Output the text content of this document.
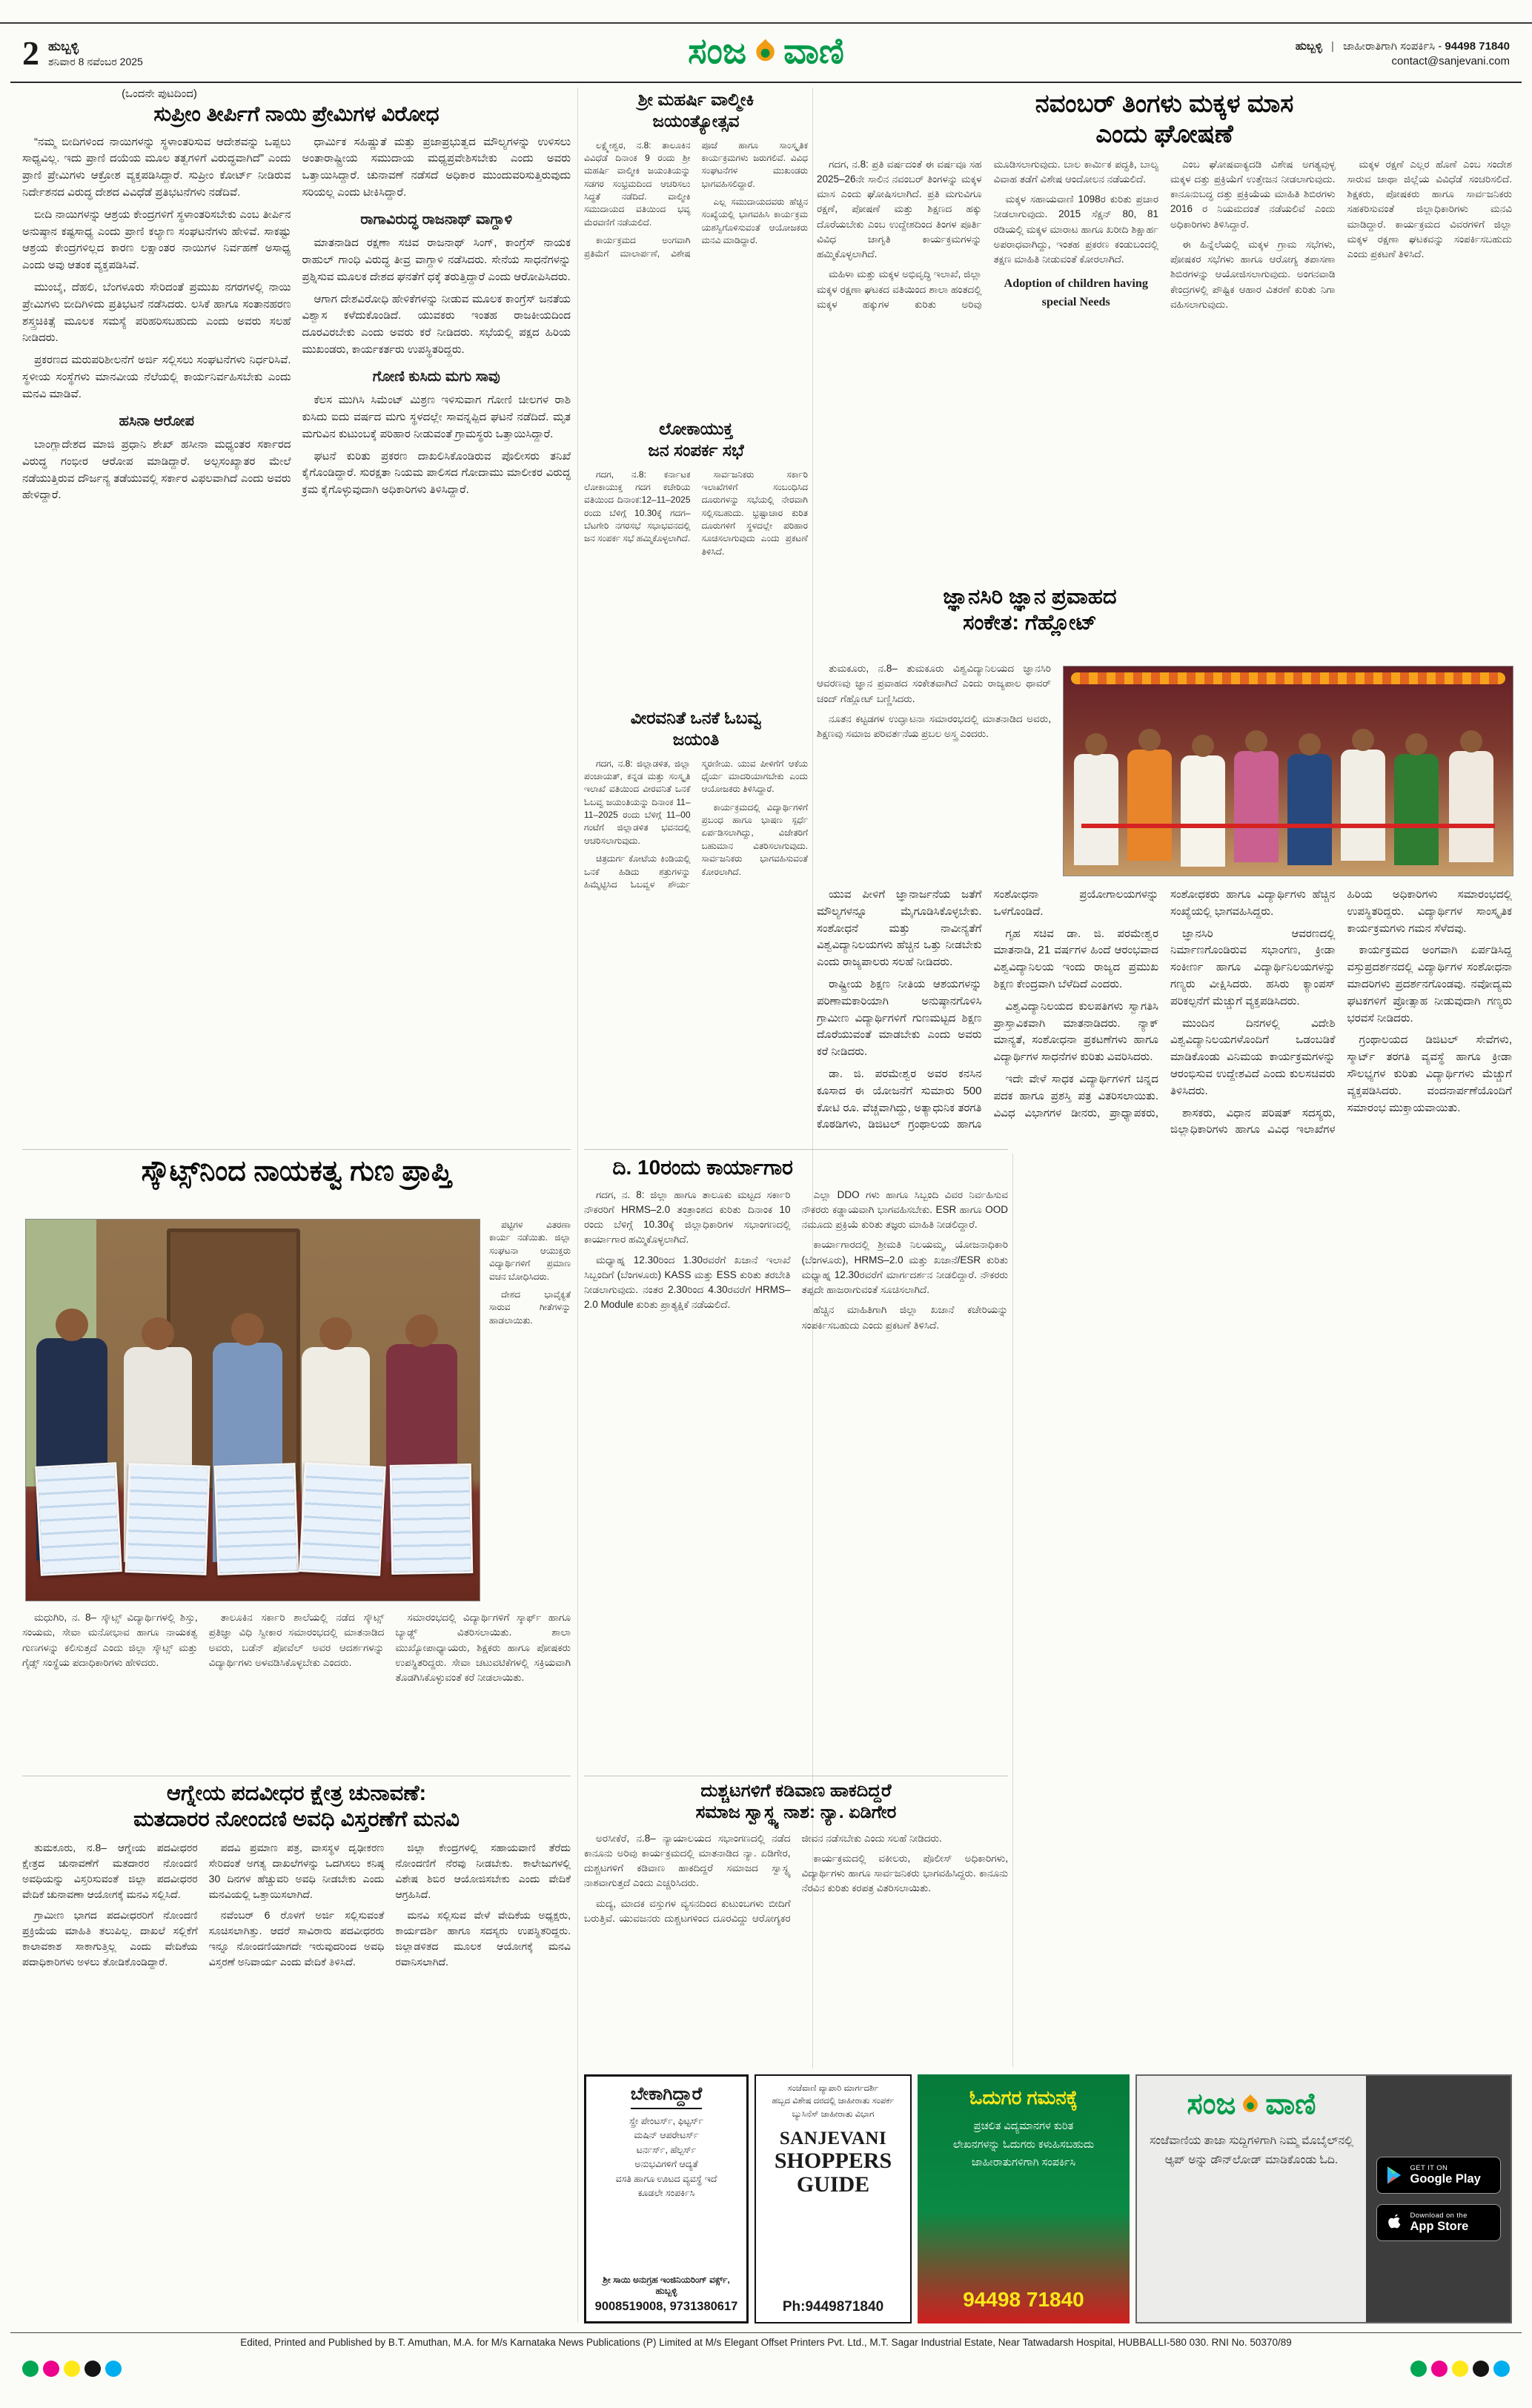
2 ಹುಬ್ಬಳ್ಳಿ
ಶನಿವಾರ 8 ನವೆಂಬರ 2025	ಸಂಜ ವಾಣಿ	ಹುಬ್ಬಳ್ಳಿ | ಜಾಹೀರಾತಿಗಾಗಿ ಸಂಪರ್ಕಿಸಿ - 94498 71840
contact@sanjevani.com
(ಒಂದನೇ ಪುಟದಿಂದ)
ಸುಪ್ರೀಂ ತೀರ್ಪಿಗೆ ನಾಯಿ ಪ್ರೇಮಿಗಳ ವಿರೋಧ

“ನಮ್ಮ ಬೀದಿಗಳಿಂದ ನಾಯಿಗಳನ್ನು ಸ್ಥಳಾಂತರಿಸುವ ಆದೇಶವನ್ನು ಒಪ್ಪಲು ಸಾಧ್ಯವಿಲ್ಲ. ಇದು ಪ್ರಾಣಿ ದಯೆಯ ಮೂಲ ತತ್ವಗಳಿಗೆ ವಿರುದ್ಧವಾಗಿದೆ” ಎಂದು ಪ್ರಾಣಿ ಪ್ರೇಮಿಗಳು ಆಕ್ರೋಶ ವ್ಯಕ್ತಪಡಿಸಿದ್ದಾರೆ. ಸುಪ್ರೀಂ ಕೋರ್ಟ್ ನೀಡಿರುವ ನಿರ್ದೇಶನದ ವಿರುದ್ಧ ದೇಶದ ವಿವಿಧೆಡೆ ಪ್ರತಿಭಟನೆಗಳು ನಡೆದಿವೆ.

ಬೀದಿ ನಾಯಿಗಳನ್ನು ಆಶ್ರಯ ಕೇಂದ್ರಗಳಿಗೆ ಸ್ಥಳಾಂತರಿಸಬೇಕು ಎಂಬ ತೀರ್ಪಿನ ಅನುಷ್ಠಾನ ಕಷ್ಟಸಾಧ್ಯ ಎಂದು ಪ್ರಾಣಿ ಕಲ್ಯಾಣ ಸಂಘಟನೆಗಳು ಹೇಳಿವೆ. ಸಾಕಷ್ಟು ಆಶ್ರಯ ಕೇಂದ್ರಗಳಿಲ್ಲದ ಕಾರಣ ಲಕ್ಷಾಂತರ ನಾಯಿಗಳ ನಿರ್ವಹಣೆ ಅಸಾಧ್ಯ ಎಂದು ಅವು ಆತಂಕ ವ್ಯಕ್ತಪಡಿಸಿವೆ.

ಮುಂಬೈ, ದೆಹಲಿ, ಬೆಂಗಳೂರು ಸೇರಿದಂತೆ ಪ್ರಮುಖ ನಗರಗಳಲ್ಲಿ ನಾಯಿ ಪ್ರೇಮಿಗಳು ಬೀದಿಗಿಳಿದು ಪ್ರತಿಭಟನೆ ನಡೆಸಿದರು. ಲಸಿಕೆ ಹಾಗೂ ಸಂತಾನಹರಣ ಶಸ್ತ್ರಚಿಕಿತ್ಸೆ ಮೂಲಕ ಸಮಸ್ಯೆ ಪರಿಹರಿಸಬಹುದು ಎಂದು ಅವರು ಸಲಹೆ ನೀಡಿದರು.

ಪ್ರಕರಣದ ಮರುಪರಿಶೀಲನೆಗೆ ಅರ್ಜಿ ಸಲ್ಲಿಸಲು ಸಂಘಟನೆಗಳು ನಿರ್ಧರಿಸಿವೆ. ಸ್ಥಳೀಯ ಸಂಸ್ಥೆಗಳು ಮಾನವೀಯ ನೆಲೆಯಲ್ಲಿ ಕಾರ್ಯನಿರ್ವಹಿಸಬೇಕು ಎಂದು ಮನವಿ ಮಾಡಿವೆ.

ಹಸಿನಾ ಆರೋಪ

ಬಾಂಗ್ಲಾದೇಶದ ಮಾಜಿ ಪ್ರಧಾನಿ ಶೇಖ್ ಹಸೀನಾ ಮಧ್ಯಂತರ ಸರ್ಕಾರದ ವಿರುದ್ಧ ಗಂಭೀರ ಆರೋಪ ಮಾಡಿದ್ದಾರೆ. ಅಲ್ಪಸಂಖ್ಯಾತರ ಮೇಲೆ ನಡೆಯುತ್ತಿರುವ ದೌರ್ಜನ್ಯ ತಡೆಯುವಲ್ಲಿ ಸರ್ಕಾರ ವಿಫಲವಾಗಿದೆ ಎಂದು ಅವರು ಹೇಳಿದ್ದಾರೆ.

ಧಾರ್ಮಿಕ ಸಹಿಷ್ಣುತೆ ಮತ್ತು ಪ್ರಜಾಪ್ರಭುತ್ವದ ಮೌಲ್ಯಗಳನ್ನು ಉಳಿಸಲು ಅಂತಾರಾಷ್ಟ್ರೀಯ ಸಮುದಾಯ ಮಧ್ಯಪ್ರವೇಶಿಸಬೇಕು ಎಂದು ಅವರು ಒತ್ತಾಯಿಸಿದ್ದಾರೆ. ಚುನಾವಣೆ ನಡೆಸದೆ ಅಧಿಕಾರ ಮುಂದುವರಿಸುತ್ತಿರುವುದು ಸರಿಯಲ್ಲ ಎಂದು ಟೀಕಿಸಿದ್ದಾರೆ.

ರಾಗಾವಿರುದ್ಧ ರಾಜನಾಥ್ ವಾಗ್ದಾಳಿ

ಮಾತನಾಡಿದ ರಕ್ಷಣಾ ಸಚಿವ ರಾಜನಾಥ್ ಸಿಂಗ್, ಕಾಂಗ್ರೆಸ್ ನಾಯಕ ರಾಹುಲ್ ಗಾಂಧಿ ವಿರುದ್ಧ ತೀವ್ರ ವಾಗ್ದಾಳಿ ನಡೆಸಿದರು. ಸೇನೆಯ ಸಾಧನೆಗಳನ್ನು ಪ್ರಶ್ನಿಸುವ ಮೂಲಕ ದೇಶದ ಘನತೆಗೆ ಧಕ್ಕೆ ತರುತ್ತಿದ್ದಾರೆ ಎಂದು ಆರೋಪಿಸಿದರು.

ಆಗಾಗ ದೇಶವಿರೋಧಿ ಹೇಳಿಕೆಗಳನ್ನು ನೀಡುವ ಮೂಲಕ ಕಾಂಗ್ರೆಸ್ ಜನತೆಯ ವಿಶ್ವಾಸ ಕಳೆದುಕೊಂಡಿದೆ. ಯುವಕರು ಇಂತಹ ರಾಜಕೀಯದಿಂದ ದೂರವಿರಬೇಕು ಎಂದು ಅವರು ಕರೆ ನೀಡಿದರು. ಸಭೆಯಲ್ಲಿ ಪಕ್ಷದ ಹಿರಿಯ ಮುಖಂಡರು, ಕಾರ್ಯಕರ್ತರು ಉಪಸ್ಥಿತರಿದ್ದರು.

ಗೋಣಿ ಕುಸಿದು ಮಗು ಸಾವು

ಕೆಲಸ ಮುಗಿಸಿ ಸಿಮೆಂಟ್ ಮಿಶ್ರಣ ಇಳಿಸುವಾಗ ಗೋಣಿ ಚೀಲಗಳ ರಾಶಿ ಕುಸಿದು ಐದು ವರ್ಷದ ಮಗು ಸ್ಥಳದಲ್ಲೇ ಸಾವನ್ನಪ್ಪಿದ ಘಟನೆ ನಡೆದಿದೆ. ಮೃತ ಮಗುವಿನ ಕುಟುಂಬಕ್ಕೆ ಪರಿಹಾರ ನೀಡುವಂತೆ ಗ್ರಾಮಸ್ಥರು ಒತ್ತಾಯಿಸಿದ್ದಾರೆ.

ಘಟನೆ ಕುರಿತು ಪ್ರಕರಣ ದಾಖಲಿಸಿಕೊಂಡಿರುವ ಪೊಲೀಸರು ತನಿಖೆ ಕೈಗೊಂಡಿದ್ದಾರೆ. ಸುರಕ್ಷತಾ ನಿಯಮ ಪಾಲಿಸದ ಗೋದಾಮು ಮಾಲೀಕರ ವಿರುದ್ಧ ಕ್ರಮ ಕೈಗೊಳ್ಳುವುದಾಗಿ ಅಧಿಕಾರಿಗಳು ತಿಳಿಸಿದ್ದಾರೆ.

ಶ್ರೀ ಮಹರ್ಷಿ ವಾಲ್ಮೀಕಿ
ಜಯಂತ್ಯೋತ್ಸವ

ಲಕ್ಷ್ಮೇಶ್ವರ, ನ.8: ತಾಲೂಕಿನ ವಿವಿಧೆಡೆ ದಿನಾಂಕ 9 ರಂದು ಶ್ರೀ ಮಹರ್ಷಿ ವಾಲ್ಮೀಕಿ ಜಯಂತಿಯನ್ನು ಸಡಗರ ಸಂಭ್ರಮದಿಂದ ಆಚರಿಸಲು ಸಿದ್ಧತೆ ನಡೆದಿದೆ. ವಾಲ್ಮೀಕಿ ಸಮುದಾಯದ ವತಿಯಿಂದ ಭವ್ಯ ಮೆರವಣಿಗೆ ನಡೆಯಲಿದೆ.

ಕಾರ್ಯಕ್ರಮದ ಅಂಗವಾಗಿ ಪ್ರತಿಮೆಗೆ ಮಾಲಾರ್ಪಣೆ, ವಿಶೇಷ ಪೂಜೆ ಹಾಗೂ ಸಾಂಸ್ಕೃತಿಕ ಕಾರ್ಯಕ್ರಮಗಳು ಜರುಗಲಿವೆ. ವಿವಿಧ ಸಂಘಟನೆಗಳ ಮುಖಂಡರು ಭಾಗವಹಿಸಲಿದ್ದಾರೆ.

ಎಲ್ಲ ಸಮುದಾಯದವರು ಹೆಚ್ಚಿನ ಸಂಖ್ಯೆಯಲ್ಲಿ ಭಾಗವಹಿಸಿ ಕಾರ್ಯಕ್ರಮ ಯಶಸ್ವಿಗೊಳಿಸುವಂತೆ ಆಯೋಜಕರು ಮನವಿ ಮಾಡಿದ್ದಾರೆ.

ಲೋಕಾಯುಕ್ತ
ಜನ ಸಂಪರ್ಕ ಸಭೆ

ಗದಗ, ನ.8: ಕರ್ನಾಟಕ ಲೋಕಾಯುಕ್ತ ಗದಗ ಕಚೇರಿಯ ವತಿಯಿಂದ ದಿನಾಂಕ:12–11–2025 ರಂದು ಬೆಳಿಗ್ಗೆ 10.30ಕ್ಕೆ ಗದಗ–ಬೆಟಗೇರಿ ನಗರಸಭೆ ಸಭಾಭವನದಲ್ಲಿ ಜನ ಸಂಪರ್ಕ ಸಭೆ ಹಮ್ಮಿಕೊಳ್ಳಲಾಗಿದೆ.

ಸಾರ್ವಜನಿಕರು ಸರ್ಕಾರಿ ಇಲಾಖೆಗಳಿಗೆ ಸಂಬಂಧಿಸಿದ ದೂರುಗಳನ್ನು ಸಭೆಯಲ್ಲಿ ನೇರವಾಗಿ ಸಲ್ಲಿಸಬಹುದು. ಭ್ರಷ್ಟಾಚಾರ ಕುರಿತ ದೂರುಗಳಿಗೆ ಸ್ಥಳದಲ್ಲೇ ಪರಿಹಾರ ಸೂಚಿಸಲಾಗುವುದು ಎಂದು ಪ್ರಕಟಣೆ ತಿಳಿಸಿದೆ.

ವೀರವನಿತೆ ಒನಕೆ ಓಬವ್ವ
ಜಯಂತಿ

ಗದಗ, ನ.8: ಜಿಲ್ಲಾಡಳಿತ, ಜಿಲ್ಲಾ ಪಂಚಾಯತ್, ಕನ್ನಡ ಮತ್ತು ಸಂಸ್ಕೃತಿ ಇಲಾಖೆ ವತಿಯಿಂದ ವೀರವನಿತೆ ಒನಕೆ ಓಬವ್ವ ಜಯಂತಿಯನ್ನು ದಿನಾಂಕ 11–11–2025 ರಂದು ಬೆಳಿಗ್ಗೆ 11–00 ಗಂಟೆಗೆ ಜಿಲ್ಲಾಡಳಿತ ಭವನದಲ್ಲಿ ಆಚರಿಸಲಾಗುವುದು.

ಚಿತ್ರದುರ್ಗ ಕೋಟೆಯ ಕಿಂಡಿಯಲ್ಲಿ ಒನಕೆ ಹಿಡಿದು ಶತ್ರುಗಳನ್ನು ಹಿಮ್ಮೆಟ್ಟಿಸಿದ ಓಬವ್ವಳ ಶೌರ್ಯ ಸ್ಮರಣೀಯ. ಯುವ ಪೀಳಿಗೆಗೆ ಆಕೆಯ ಧೈರ್ಯ ಮಾದರಿಯಾಗಬೇಕು ಎಂದು ಆಯೋಜಕರು ತಿಳಿಸಿದ್ದಾರೆ.

ಕಾರ್ಯಕ್ರಮದಲ್ಲಿ ವಿದ್ಯಾರ್ಥಿಗಳಿಗೆ ಪ್ರಬಂಧ ಹಾಗೂ ಭಾಷಣ ಸ್ಪರ್ಧೆ ಏರ್ಪಡಿಸಲಾಗಿದ್ದು, ವಿಜೇತರಿಗೆ ಬಹುಮಾನ ವಿತರಿಸಲಾಗುವುದು. ಸಾರ್ವಜನಿಕರು ಭಾಗವಹಿಸುವಂತೆ ಕೋರಲಾಗಿದೆ.

ನವಂಬರ್ ತಿಂಗಳು ಮಕ್ಕಳ ಮಾಸ
ಎಂದು ಘೋಷಣೆ

ಗದಗ, ನ.8: ಪ್ರತಿ ವರ್ಷದಂತೆ ಈ ವರ್ಷವೂ ಸಹ 2025–26ನೇ ಸಾಲಿನ ನವಂಬರ್ ತಿಂಗಳನ್ನು ಮಕ್ಕಳ ಮಾಸ ಎಂದು ಘೋಷಿಸಲಾಗಿದೆ. ಪ್ರತಿ ಮಗುವಿಗೂ ರಕ್ಷಣೆ, ಪೋಷಣೆ ಮತ್ತು ಶಿಕ್ಷಣದ ಹಕ್ಕು ದೊರೆಯಬೇಕು ಎಂಬ ಉದ್ದೇಶದಿಂದ ತಿಂಗಳ ಪೂರ್ತಿ ವಿವಿಧ ಜಾಗೃತಿ ಕಾರ್ಯಕ್ರಮಗಳನ್ನು ಹಮ್ಮಿಕೊಳ್ಳಲಾಗಿದೆ.

ಮಹಿಳಾ ಮತ್ತು ಮಕ್ಕಳ ಅಭಿವೃದ್ಧಿ ಇಲಾಖೆ, ಜಿಲ್ಲಾ ಮಕ್ಕಳ ರಕ್ಷಣಾ ಘಟಕದ ವತಿಯಿಂದ ಶಾಲಾ ಹಂತದಲ್ಲಿ ಮಕ್ಕಳ ಹಕ್ಕುಗಳ ಕುರಿತು ಅರಿವು ಮೂಡಿಸಲಾಗುವುದು. ಬಾಲ ಕಾರ್ಮಿಕ ಪದ್ಧತಿ, ಬಾಲ್ಯ ವಿವಾಹ ತಡೆಗೆ ವಿಶೇಷ ಆಂದೋಲನ ನಡೆಯಲಿದೆ.

ಮಕ್ಕಳ ಸಹಾಯವಾಣಿ 1098ರ ಕುರಿತು ಪ್ರಚಾರ ನೀಡಲಾಗುವುದು. 2015 ಸೆಕ್ಷನ್ 80, 81 ರಡಿಯಲ್ಲಿ ಮಕ್ಕಳ ಮಾರಾಟ ಹಾಗೂ ಖರೀದಿ ಶಿಕ್ಷಾರ್ಹ ಅಪರಾಧವಾಗಿದ್ದು, ಇಂತಹ ಪ್ರಕರಣ ಕಂಡುಬಂದಲ್ಲಿ ತಕ್ಷಣ ಮಾಹಿತಿ ನೀಡುವಂತೆ ಕೋರಲಾಗಿದೆ.

Adoption of children having special Needs

ಎಂಬ ಘೋಷವಾಕ್ಯದಡಿ ವಿಶೇಷ ಅಗತ್ಯವುಳ್ಳ ಮಕ್ಕಳ ದತ್ತು ಪ್ರಕ್ರಿಯೆಗೆ ಉತ್ತೇಜನ ನೀಡಲಾಗುವುದು. ಕಾನೂನುಬದ್ಧ ದತ್ತು ಪ್ರಕ್ರಿಯೆಯ ಮಾಹಿತಿ ಶಿಬಿರಗಳು 2016 ರ ನಿಯಮದಂತೆ ನಡೆಯಲಿವೆ ಎಂದು ಅಧಿಕಾರಿಗಳು ತಿಳಿಸಿದ್ದಾರೆ.

ಈ ಹಿನ್ನೆಲೆಯಲ್ಲಿ ಮಕ್ಕಳ ಗ್ರಾಮ ಸಭೆಗಳು, ಪೋಷಕರ ಸಭೆಗಳು ಹಾಗೂ ಆರೋಗ್ಯ ತಪಾಸಣಾ ಶಿಬಿರಗಳನ್ನು ಆಯೋಜಿಸಲಾಗುವುದು. ಅಂಗನವಾಡಿ ಕೇಂದ್ರಗಳಲ್ಲಿ ಪೌಷ್ಟಿಕ ಆಹಾರ ವಿತರಣೆ ಕುರಿತು ನಿಗಾ ವಹಿಸಲಾಗುವುದು.

ಮಕ್ಕಳ ರಕ್ಷಣೆ ಎಲ್ಲರ ಹೊಣೆ ಎಂಬ ಸಂದೇಶ ಸಾರುವ ಜಾಥಾ ಜಿಲ್ಲೆಯ ವಿವಿಧೆಡೆ ಸಂಚರಿಸಲಿದೆ. ಶಿಕ್ಷಕರು, ಪೋಷಕರು ಹಾಗೂ ಸಾರ್ವಜನಿಕರು ಸಹಕರಿಸುವಂತೆ ಜಿಲ್ಲಾಧಿಕಾರಿಗಳು ಮನವಿ ಮಾಡಿದ್ದಾರೆ. ಕಾರ್ಯಕ್ರಮದ ವಿವರಗಳಿಗೆ ಜಿಲ್ಲಾ ಮಕ್ಕಳ ರಕ್ಷಣಾ ಘಟಕವನ್ನು ಸಂಪರ್ಕಿಸಬಹುದು ಎಂದು ಪ್ರಕಟಣೆ ತಿಳಿಸಿದೆ.

ಜ್ಞಾನಸಿರಿ ಜ್ಞಾನ ಪ್ರವಾಹದ
ಸಂಕೇತ: ಗೆಹ್ಲೋಟ್

ತುಮಕೂರು, ನ.8– ತುಮಕೂರು ವಿಶ್ವವಿದ್ಯಾನಿಲಯದ ಜ್ಞಾನಸಿರಿ ಆವರಣವು ಜ್ಞಾನ ಪ್ರವಾಹದ ಸಂಕೇತವಾಗಿದೆ ಎಂದು ರಾಜ್ಯಪಾಲ ಥಾವರ್ ಚಂದ್ ಗೆಹ್ಲೋಟ್ ಬಣ್ಣಿಸಿದರು.

ನೂತನ ಕಟ್ಟಡಗಳ ಉದ್ಘಾಟನಾ ಸಮಾರಂಭದಲ್ಲಿ ಮಾತನಾಡಿದ ಅವರು, ಶಿಕ್ಷಣವು ಸಮಾಜ ಪರಿವರ್ತನೆಯ ಪ್ರಬಲ ಅಸ್ತ್ರ ಎಂದರು.

ಯುವ ಪೀಳಿಗೆ ಜ್ಞಾನಾರ್ಜನೆಯ ಜತೆಗೆ ಮೌಲ್ಯಗಳನ್ನೂ ಮೈಗೂಡಿಸಿಕೊಳ್ಳಬೇಕು. ಸಂಶೋಧನೆ ಮತ್ತು ನಾವೀನ್ಯತೆಗೆ ವಿಶ್ವವಿದ್ಯಾನಿಲಯಗಳು ಹೆಚ್ಚಿನ ಒತ್ತು ನೀಡಬೇಕು ಎಂದು ರಾಜ್ಯಪಾಲರು ಸಲಹೆ ನೀಡಿದರು.

ರಾಷ್ಟ್ರೀಯ ಶಿಕ್ಷಣ ನೀತಿಯ ಆಶಯಗಳನ್ನು ಪರಿಣಾಮಕಾರಿಯಾಗಿ ಅನುಷ್ಠಾನಗೊಳಿಸಿ ಗ್ರಾಮೀಣ ವಿದ್ಯಾರ್ಥಿಗಳಿಗೆ ಗುಣಮಟ್ಟದ ಶಿಕ್ಷಣ ದೊರೆಯುವಂತೆ ಮಾಡಬೇಕು ಎಂದು ಅವರು ಕರೆ ನೀಡಿದರು.

ಡಾ. ಜಿ. ಪರಮೇಶ್ವರ ಅವರ ಕನಸಿನ ಕೂಸಾದ ಈ ಯೋಜನೆಗೆ ಸುಮಾರು 500 ಕೋಟಿ ರೂ. ವೆಚ್ಚವಾಗಿದ್ದು, ಅತ್ಯಾಧುನಿಕ ತರಗತಿ ಕೊಠಡಿಗಳು, ಡಿಜಿಟಲ್ ಗ್ರಂಥಾಲಯ ಹಾಗೂ ಸಂಶೋಧನಾ ಪ್ರಯೋಗಾಲಯಗಳನ್ನು ಒಳಗೊಂಡಿದೆ.

ಗೃಹ ಸಚಿವ ಡಾ. ಜಿ. ಪರಮೇಶ್ವರ ಮಾತನಾಡಿ, 21 ವರ್ಷಗಳ ಹಿಂದೆ ಆರಂಭವಾದ ವಿಶ್ವವಿದ್ಯಾನಿಲಯ ಇಂದು ರಾಜ್ಯದ ಪ್ರಮುಖ ಶಿಕ್ಷಣ ಕೇಂದ್ರವಾಗಿ ಬೆಳೆದಿದೆ ಎಂದರು.

ವಿಶ್ವವಿದ್ಯಾನಿಲಯದ ಕುಲಪತಿಗಳು ಸ್ವಾಗತಿಸಿ ಪ್ರಾಸ್ತಾವಿಕವಾಗಿ ಮಾತನಾಡಿದರು. ನ್ಯಾಕ್ ಮಾನ್ಯತೆ, ಸಂಶೋಧನಾ ಪ್ರಕಟಣೆಗಳು ಹಾಗೂ ವಿದ್ಯಾರ್ಥಿಗಳ ಸಾಧನೆಗಳ ಕುರಿತು ವಿವರಿಸಿದರು.

ಇದೇ ವೇಳೆ ಸಾಧಕ ವಿದ್ಯಾರ್ಥಿಗಳಿಗೆ ಚಿನ್ನದ ಪದಕ ಹಾಗೂ ಪ್ರಶಸ್ತಿ ಪತ್ರ ವಿತರಿಸಲಾಯಿತು. ವಿವಿಧ ವಿಭಾಗಗಳ ಡೀನರು, ಪ್ರಾಧ್ಯಾಪಕರು, ಸಂಶೋಧಕರು ಹಾಗೂ ವಿದ್ಯಾರ್ಥಿಗಳು ಹೆಚ್ಚಿನ ಸಂಖ್ಯೆಯಲ್ಲಿ ಭಾಗವಹಿಸಿದ್ದರು.

ಜ್ಞಾನಸಿರಿ ಆವರಣದಲ್ಲಿ ನಿರ್ಮಾಣಗೊಂಡಿರುವ ಸಭಾಂಗಣ, ಕ್ರೀಡಾ ಸಂಕೀರ್ಣ ಹಾಗೂ ವಿದ್ಯಾರ್ಥಿನಿಲಯಗಳನ್ನು ಗಣ್ಯರು ವೀಕ್ಷಿಸಿದರು. ಹಸಿರು ಕ್ಯಾಂಪಸ್ ಪರಿಕಲ್ಪನೆಗೆ ಮೆಚ್ಚುಗೆ ವ್ಯಕ್ತಪಡಿಸಿದರು.

ಮುಂದಿನ ದಿನಗಳಲ್ಲಿ ವಿದೇಶಿ ವಿಶ್ವವಿದ್ಯಾನಿಲಯಗಳೊಂದಿಗೆ ಒಡಂಬಡಿಕೆ ಮಾಡಿಕೊಂಡು ವಿನಿಮಯ ಕಾರ್ಯಕ್ರಮಗಳನ್ನು ಆರಂಭಿಸುವ ಉದ್ದೇಶವಿದೆ ಎಂದು ಕುಲಸಚಿವರು ತಿಳಿಸಿದರು.

ಶಾಸಕರು, ವಿಧಾನ ಪರಿಷತ್ ಸದಸ್ಯರು, ಜಿಲ್ಲಾಧಿಕಾರಿಗಳು ಹಾಗೂ ವಿವಿಧ ಇಲಾಖೆಗಳ ಹಿರಿಯ ಅಧಿಕಾರಿಗಳು ಸಮಾರಂಭದಲ್ಲಿ ಉಪಸ್ಥಿತರಿದ್ದರು. ವಿದ್ಯಾರ್ಥಿಗಳ ಸಾಂಸ್ಕೃತಿಕ ಕಾರ್ಯಕ್ರಮಗಳು ಗಮನ ಸೆಳೆದವು.

ಕಾರ್ಯಕ್ರಮದ ಅಂಗವಾಗಿ ಏರ್ಪಡಿಸಿದ್ದ ವಸ್ತುಪ್ರದರ್ಶನದಲ್ಲಿ ವಿದ್ಯಾರ್ಥಿಗಳ ಸಂಶೋಧನಾ ಮಾದರಿಗಳು ಪ್ರದರ್ಶನಗೊಂಡವು. ನವೋದ್ಯಮ ಘಟಕಗಳಿಗೆ ಪ್ರೋತ್ಸಾಹ ನೀಡುವುದಾಗಿ ಗಣ್ಯರು ಭರವಸೆ ನೀಡಿದರು.

ಗ್ರಂಥಾಲಯದ ಡಿಜಿಟಲ್ ಸೇವೆಗಳು, ಸ್ಮಾರ್ಟ್ ತರಗತಿ ವ್ಯವಸ್ಥೆ ಹಾಗೂ ಕ್ರೀಡಾ ಸೌಲಭ್ಯಗಳ ಕುರಿತು ವಿದ್ಯಾರ್ಥಿಗಳು ಮೆಚ್ಚುಗೆ ವ್ಯಕ್ತಪಡಿಸಿದರು. ವಂದನಾರ್ಪಣೆಯೊಂದಿಗೆ ಸಮಾರಂಭ ಮುಕ್ತಾಯವಾಯಿತು.

ಸ್ಕೌಟ್ಸ್‌ನಿಂದ ನಾಯಕತ್ವ ಗುಣ ಪ್ರಾಪ್ತಿ

ಪಟ್ಟಿಗಳ ವಿತರಣಾ ಕಾರ್ಯ ನಡೆಯಿತು. ಜಿಲ್ಲಾ ಸಂಘಟನಾ ಆಯುಕ್ತರು ವಿದ್ಯಾರ್ಥಿಗಳಿಗೆ ಪ್ರಮಾಣ ವಚನ ಬೋಧಿಸಿದರು.

ದೇಶದ ಭಾವೈಕ್ಯತೆ ಸಾರುವ ಗೀತೆಗಳನ್ನು ಹಾಡಲಾಯಿತು.

ಮಧುಗಿರಿ, ನ. 8– ಸ್ಕೌಟ್ಸ್ ವಿದ್ಯಾರ್ಥಿಗಳಲ್ಲಿ ಶಿಸ್ತು, ಸಂಯಮ, ಸೇವಾ ಮನೋಭಾವ ಹಾಗೂ ನಾಯಕತ್ವ ಗುಣಗಳನ್ನು ಕಲಿಸುತ್ತದೆ ಎಂದು ಜಿಲ್ಲಾ ಸ್ಕೌಟ್ಸ್ ಮತ್ತು ಗೈಡ್ಸ್ ಸಂಸ್ಥೆಯ ಪದಾಧಿಕಾರಿಗಳು ಹೇಳಿದರು.

ತಾಲೂಕಿನ ಸರ್ಕಾರಿ ಶಾಲೆಯಲ್ಲಿ ನಡೆದ ಸ್ಕೌಟ್ಸ್ ಪ್ರತಿಜ್ಞಾ ವಿಧಿ ಸ್ವೀಕಾರ ಸಮಾರಂಭದಲ್ಲಿ ಮಾತನಾಡಿದ ಅವರು, ಬಡೆನ್ ಪೋವೆಲ್ ಅವರ ಆದರ್ಶಗಳನ್ನು ವಿದ್ಯಾರ್ಥಿಗಳು ಅಳವಡಿಸಿಕೊಳ್ಳಬೇಕು ಎಂದರು.

ಸಮಾರಂಭದಲ್ಲಿ ವಿದ್ಯಾರ್ಥಿಗಳಿಗೆ ಸ್ಕಾರ್ಫ್ ಹಾಗೂ ಬ್ಯಾಡ್ಜ್ ವಿತರಿಸಲಾಯಿತು. ಶಾಲಾ ಮುಖ್ಯೋಪಾಧ್ಯಾಯರು, ಶಿಕ್ಷಕರು ಹಾಗೂ ಪೋಷಕರು ಉಪಸ್ಥಿತರಿದ್ದರು. ಸೇವಾ ಚಟುವಟಿಕೆಗಳಲ್ಲಿ ಸಕ್ರಿಯವಾಗಿ ತೊಡಗಿಸಿಕೊಳ್ಳುವಂತೆ ಕರೆ ನೀಡಲಾಯಿತು.

ದಿ. 10ರಂದು ಕಾರ್ಯಾಗಾರ

ಗದಗ, ನ. 8: ಜಿಲ್ಲಾ ಹಾಗೂ ತಾಲೂಕು ಮಟ್ಟದ ಸರ್ಕಾರಿ ನೌಕರರಿಗೆ HRMS–2.0 ತಂತ್ರಾಂಶದ ಕುರಿತು ದಿನಾಂಕ 10 ರಂದು ಬೆಳಿಗ್ಗೆ 10.30ಕ್ಕೆ ಜಿಲ್ಲಾಧಿಕಾರಿಗಳ ಸಭಾಂಗಣದಲ್ಲಿ ಕಾರ್ಯಾಗಾರ ಹಮ್ಮಿಕೊಳ್ಳಲಾಗಿದೆ.

ಮಧ್ಯಾಹ್ನ 12.30ರಿಂದ 1.30ರವರೆಗೆ ಖಜಾನೆ ಇಲಾಖೆ ಸಿಬ್ಬಂದಿಗೆ (ಬೆಂಗಳೂರು) KASS ಮತ್ತು ESS ಕುರಿತು ತರಬೇತಿ ನೀಡಲಾಗುವುದು. ನಂತರ 2.30ರಿಂದ 4.30ರವರೆಗೆ HRMS–2.0 Module ಕುರಿತು ಪ್ರಾತ್ಯಕ್ಷಿಕೆ ನಡೆಯಲಿದೆ.

ಎಲ್ಲಾ DDO ಗಳು ಹಾಗೂ ಸಿಬ್ಬಂದಿ ವಿವರ ನಿರ್ವಹಿಸುವ ನೌಕರರು ಕಡ್ಡಾಯವಾಗಿ ಭಾಗವಹಿಸಬೇಕು. ESR ಹಾಗೂ OOD ನಮೂದು ಪ್ರಕ್ರಿಯೆ ಕುರಿತು ತಜ್ಞರು ಮಾಹಿತಿ ನೀಡಲಿದ್ದಾರೆ.

ಕಾರ್ಯಾಗಾರದಲ್ಲಿ ಶ್ರೀಮತಿ ನಿಲಯಮ್ಮ, ಯೋಜನಾಧಿಕಾರಿ (ಬೆಂಗಳೂರು), HRMS–2.0 ಮತ್ತು ಖಜಾನೆ/ESR ಕುರಿತು ಮಧ್ಯಾಹ್ನ 12.30ರವರೆಗೆ ಮಾರ್ಗದರ್ಶನ ನೀಡಲಿದ್ದಾರೆ. ನೌಕರರು ತಪ್ಪದೇ ಹಾಜರಾಗುವಂತೆ ಸೂಚಿಸಲಾಗಿದೆ.

ಹೆಚ್ಚಿನ ಮಾಹಿತಿಗಾಗಿ ಜಿಲ್ಲಾ ಖಜಾನೆ ಕಚೇರಿಯನ್ನು ಸಂಪರ್ಕಿಸಬಹುದು ಎಂದು ಪ್ರಕಟಣೆ ತಿಳಿಸಿದೆ.

ಆಗ್ನೇಯ ಪದವೀಧರ ಕ್ಷೇತ್ರ ಚುನಾವಣೆ:
ಮತದಾರರ ನೋಂದಣಿ ಅವಧಿ ವಿಸ್ತರಣೆಗೆ ಮನವಿ

ತುಮಕೂರು, ನ.8– ಆಗ್ನೇಯ ಪದವೀಧರರ ಕ್ಷೇತ್ರದ ಚುನಾವಣೆಗೆ ಮತದಾರರ ನೋಂದಣಿ ಅವಧಿಯನ್ನು ವಿಸ್ತರಿಸುವಂತೆ ಜಿಲ್ಲಾ ಪದವೀಧರರ ವೇದಿಕೆ ಚುನಾವಣಾ ಆಯೋಗಕ್ಕೆ ಮನವಿ ಸಲ್ಲಿಸಿದೆ.

ಗ್ರಾಮೀಣ ಭಾಗದ ಪದವೀಧರರಿಗೆ ನೋಂದಣಿ ಪ್ರಕ್ರಿಯೆಯ ಮಾಹಿತಿ ತಲುಪಿಲ್ಲ. ದಾಖಲೆ ಸಲ್ಲಿಕೆಗೆ ಕಾಲಾವಕಾಶ ಸಾಕಾಗುತ್ತಿಲ್ಲ ಎಂದು ವೇದಿಕೆಯ ಪದಾಧಿಕಾರಿಗಳು ಅಳಲು ತೋಡಿಕೊಂಡಿದ್ದಾರೆ.

ಪದವಿ ಪ್ರಮಾಣ ಪತ್ರ, ವಾಸಸ್ಥಳ ದೃಢೀಕರಣ ಸೇರಿದಂತೆ ಅಗತ್ಯ ದಾಖಲೆಗಳನ್ನು ಒದಗಿಸಲು ಕನಿಷ್ಠ 30 ದಿನಗಳ ಹೆಚ್ಚುವರಿ ಅವಧಿ ನೀಡಬೇಕು ಎಂದು ಮನವಿಯಲ್ಲಿ ಒತ್ತಾಯಿಸಲಾಗಿದೆ.

ನವೆಂಬರ್ 6 ರೊಳಗೆ ಅರ್ಜಿ ಸಲ್ಲಿಸುವಂತೆ ಸೂಚಿಸಲಾಗಿತ್ತು. ಆದರೆ ಸಾವಿರಾರು ಪದವೀಧರರು ಇನ್ನೂ ನೋಂದಣಿಯಾಗದೇ ಇರುವುದರಿಂದ ಅವಧಿ ವಿಸ್ತರಣೆ ಅನಿವಾರ್ಯ ಎಂದು ವೇದಿಕೆ ತಿಳಿಸಿದೆ.

ಜಿಲ್ಲಾ ಕೇಂದ್ರಗಳಲ್ಲಿ ಸಹಾಯವಾಣಿ ತೆರೆದು ನೋಂದಣಿಗೆ ನೆರವು ನೀಡಬೇಕು. ಕಾಲೇಜುಗಳಲ್ಲಿ ವಿಶೇಷ ಶಿಬಿರ ಆಯೋಜಿಸಬೇಕು ಎಂದು ವೇದಿಕೆ ಆಗ್ರಹಿಸಿದೆ.

ಮನವಿ ಸಲ್ಲಿಸುವ ವೇಳೆ ವೇದಿಕೆಯ ಅಧ್ಯಕ್ಷರು, ಕಾರ್ಯದರ್ಶಿ ಹಾಗೂ ಸದಸ್ಯರು ಉಪಸ್ಥಿತರಿದ್ದರು. ಜಿಲ್ಲಾಡಳಿತದ ಮೂಲಕ ಆಯೋಗಕ್ಕೆ ಮನವಿ ರವಾನಿಸಲಾಗಿದೆ.

ದುಶ್ಚಟಗಳಿಗೆ ಕಡಿವಾಣ ಹಾಕದಿದ್ದರೆ
ಸಮಾಜ ಸ್ವಾಸ್ಥ್ಯ ನಾಶ: ನ್ಯಾ. ಏಡಿಗೇರ

ಅರಸೀಕೆರೆ, ನ.8– ನ್ಯಾಯಾಲಯದ ಸಭಾಂಗಣದಲ್ಲಿ ನಡೆದ ಕಾನೂನು ಅರಿವು ಕಾರ್ಯಕ್ರಮದಲ್ಲಿ ಮಾತನಾಡಿದ ನ್ಯಾ. ಏಡಿಗೇರ, ದುಶ್ಚಟಗಳಿಗೆ ಕಡಿವಾಣ ಹಾಕದಿದ್ದರೆ ಸಮಾಜದ ಸ್ವಾಸ್ಥ್ಯ ನಾಶವಾಗುತ್ತದೆ ಎಂದು ಎಚ್ಚರಿಸಿದರು.

ಮದ್ಯ, ಮಾದಕ ವಸ್ತುಗಳ ವ್ಯಸನದಿಂದ ಕುಟುಂಬಗಳು ಬೀದಿಗೆ ಬರುತ್ತಿವೆ. ಯುವಜನರು ದುಶ್ಚಟಗಳಿಂದ ದೂರವಿದ್ದು ಆರೋಗ್ಯಕರ ಜೀವನ ನಡೆಸಬೇಕು ಎಂದು ಸಲಹೆ ನೀಡಿದರು.

ಕಾರ್ಯಕ್ರಮದಲ್ಲಿ ವಕೀಲರು, ಪೊಲೀಸ್ ಅಧಿಕಾರಿಗಳು, ವಿದ್ಯಾರ್ಥಿಗಳು ಹಾಗೂ ಸಾರ್ವಜನಿಕರು ಭಾಗವಹಿಸಿದ್ದರು. ಕಾನೂನು ನೆರವಿನ ಕುರಿತು ಕರಪತ್ರ ವಿತರಿಸಲಾಯಿತು.

ಬೇಕಾಗಿದ್ದಾರೆ
ಸ್ಪ್ರೇ ಪೇಂಟರ್ಸ್, ಫಿಟ್ಟರ್ಸ್
ಮಷಿನ್ ಆಪರೇಟರ್ಸ್
ಟರ್ನರ್ಸ್, ಹೆಲ್ಪರ್ಸ್
ಅನುಭವಿಗಳಿಗೆ ಆದ್ಯತೆ
ವಸತಿ ಹಾಗೂ ಊಟದ ವ್ಯವಸ್ಥೆ ಇದೆ
ಕೂಡಲೇ ಸಂಪರ್ಕಿಸಿ
ಶ್ರೀ ಸಾಯಿ ಅನುಗ್ರಹ ಇಂಜಿನಿಯರಿಂಗ್ ವರ್ಕ್ಸ್, ಹುಬ್ಬಳ್ಳಿ
9008519008, 9731380617
ಸಂಜೆವಾಣಿ ವ್ಯಾಪಾರಿ ಮಾರ್ಗದರ್ಶಿ
ಹಬ್ಬದ ವಿಶೇಷ ದರದಲ್ಲಿ ಜಾಹೀರಾತು ಸಂಪರ್ಕ
ಬ್ಯುಸಿನೆಸ್ ಜಾಹೀರಾತು ವಿಭಾಗ
SANJEVANI
SHOPPERS
GUIDE
Ph:9449871840
ಓದುಗರ ಗಮನಕ್ಕೆ
ಪ್ರಚಲಿತ ವಿದ್ಯಮಾನಗಳ ಕುರಿತ
ಲೇಖನಗಳನ್ನು ಓದುಗರು ಕಳುಹಿಸಬಹುದು
ಜಾಹೀರಾತುಗಳಿಗಾಗಿ ಸಂಪರ್ಕಿಸಿ
94498 71840
ಸಂಜ ವಾಣಿ
ಸಂಜೆವಾಣಿಯ ತಾಜಾ ಸುದ್ದಿಗಳಿಗಾಗಿ ನಿಮ್ಮ ಮೊಬೈಲ್‌ನಲ್ಲಿ ಆ್ಯಪ್ ಅನ್ನು ಡೌನ್‌ಲೋಡ್ ಮಾಡಿಕೊಂಡು ಓದಿ.
GET IT ON
Google Play
Download on the
App Store
Edited, Printed and Published by B.T. Amuthan, M.A. for M/s Karnataka News Publications (P) Limited at M/s Elegant Offset Printers Pvt. Ltd., M.T. Sagar Industrial Estate, Near Tatwadarsh Hospital, HUBBALLI-580 030. RNI No. 50370/89
